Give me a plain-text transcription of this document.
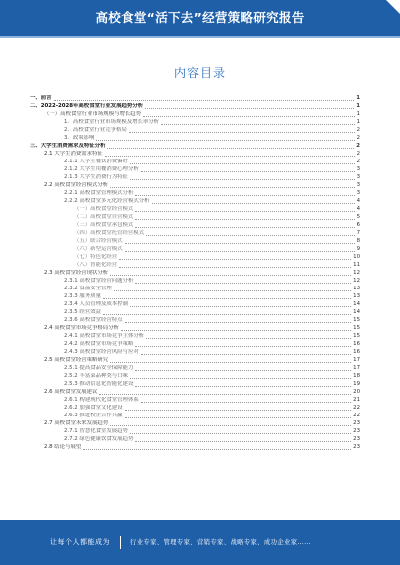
高校食堂“活下去”经营策略研究报告
内容目录
一、前言	1
二、2022-2028年高校食堂行业发展趋势分析	1
（一）高校食堂行业市场规模与增长趋势	1
1．高校食堂行业市场规模及增长率分析	1
2．高校食堂行业竞争格局	2
3．政策影响	2
三、大学生消费需求及特征分析	2
2.1 大学生消费需求特征	2
2.1.1 大学生餐饮消费偏好	2
2.1.2 大学生用餐消费心理分析	3
2.1.3 大学生消费行为特征	3
2.2 高校食堂经营模式分析	3
2.2.1 高校食堂管理模式分析	3
2.2.2 高校食堂多元化经营模式分析	4
（一）高校食堂经营模式	4
（二）高校食堂自营模式	5
（三）高校食堂承包模式	6
（四）高校食堂托管经营模式	7
（五）联合经营模式	8
（六）新型运营模式	9
（七）特色化经营	10
（八）智能化经营	11
2.3 高校食堂经营现状分析	12
2.3.1 高校食堂经营问题分析	12
2.3.2 食品安全管理	13
2.3.3 服务质量	13
2.3.4 人员管理及成本控制	14
2.3.5 经营效益	14
2.3.6 高校食堂经营特点	15
2.4 高校食堂市场竞争格局分析	15
2.4.1 高校食堂市场竞争主体分析	15
2.4.2 高校食堂市场竞争策略	16
2.4.3 高校食堂经营风险与应对	16
2.5 高校食堂经营策略研究	17
2.5.1 提高食品安全保障能力	17
2.5.2 丰富菜品种类与口味	18
2.5.3 推动信息化智能化建设	19
2.6 高校食堂发展建议	20
2.6.1 构建现代化食堂管理体系	21
2.6.2 加强食堂文化建设	22
2.6.3 推进校企合作共赢	22
2.7 高校食堂未来发展趋势	23
2.7.1 智慧化食堂发展趋势	23
2.7.2 绿色健康饮食发展趋势	23
2.8 结论与展望	23
让每个人都能成为	行业专家、管理专家、营销专家、战略专家、成功企业家……
